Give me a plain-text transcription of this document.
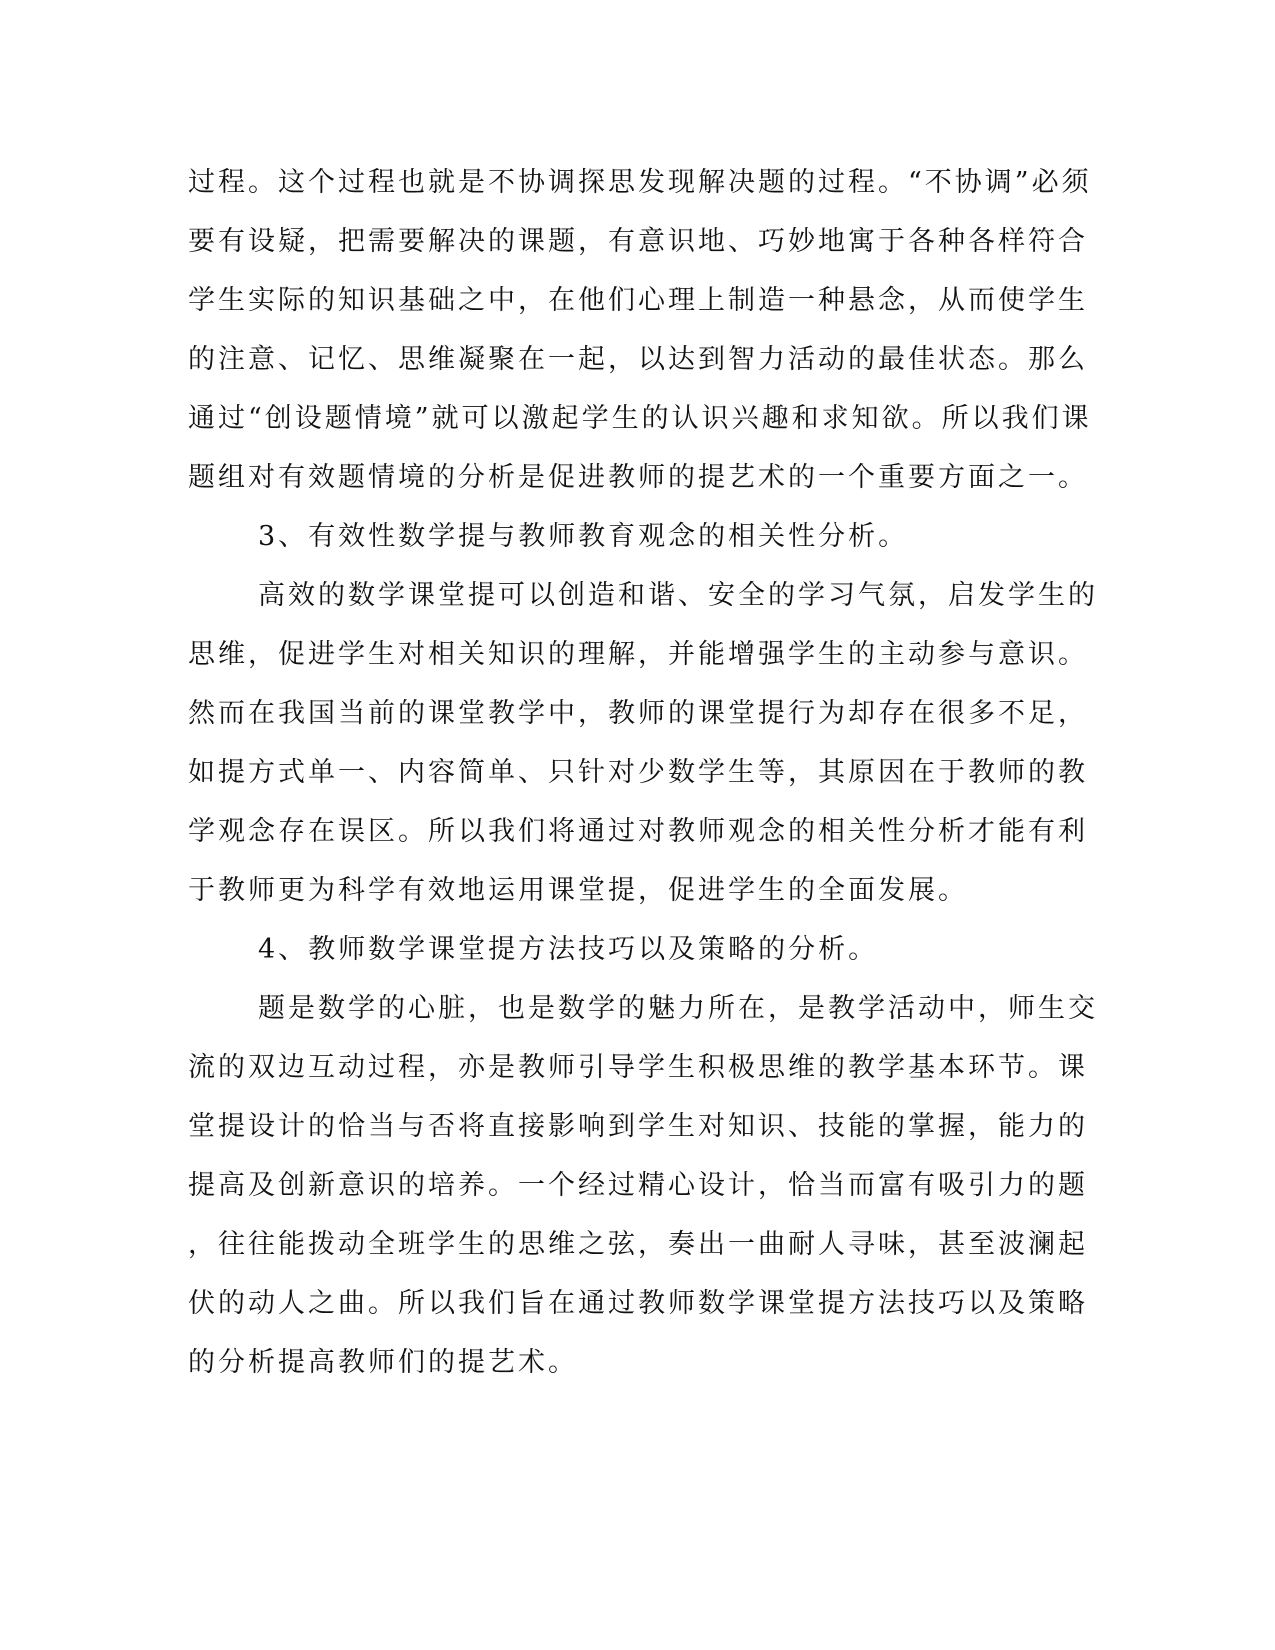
过程。这个过程也就是不协调探思发现解决题的过程。“不协调”必须
要有设疑，把需要解决的课题，有意识地、巧妙地寓于各种各样符合
学生实际的知识基础之中，在他们心理上制造一种悬念，从而使学生
的注意、记忆、思维凝聚在一起，以达到智力活动的最佳状态。那么
通过“创设题情境”就可以激起学生的认识兴趣和求知欲。所以我们课
题组对有效题情境的分析是促进教师的提艺术的一个重要方面之一。
3、有效性数学提与教师教育观念的相关性分析。
高效的数学课堂提可以创造和谐、安全的学习气氛，启发学生的
思维，促进学生对相关知识的理解，并能增强学生的主动参与意识。
然而在我国当前的课堂教学中，教师的课堂提行为却存在很多不足，
如提方式单一、内容简单、只针对少数学生等，其原因在于教师的教
学观念存在误区。所以我们将通过对教师观念的相关性分析才能有利
于教师更为科学有效地运用课堂提，促进学生的全面发展。
4、教师数学课堂提方法技巧以及策略的分析。
题是数学的心脏，也是数学的魅力所在，是教学活动中，师生交
流的双边互动过程，亦是教师引导学生积极思维的教学基本环节。课
堂提设计的恰当与否将直接影响到学生对知识、技能的掌握，能力的
提高及创新意识的培养。一个经过精心设计，恰当而富有吸引力的题
，往往能拨动全班学生的思维之弦，奏出一曲耐人寻味，甚至波澜起
伏的动人之曲。所以我们旨在通过教师数学课堂提方法技巧以及策略
的分析提高教师们的提艺术。
